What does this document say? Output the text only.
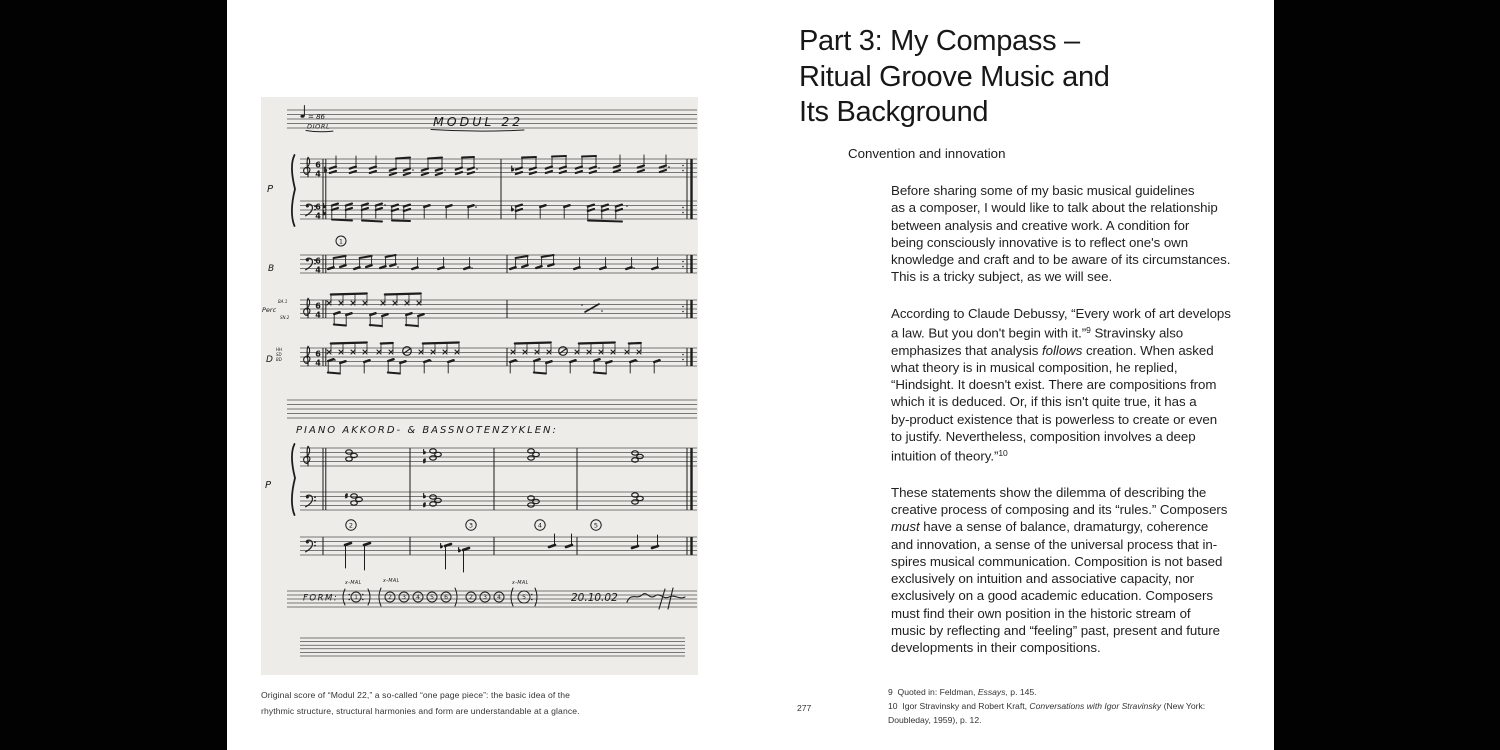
= 86
DIORL	MODUL 22
P
6
4
6
4
♭	♭
♭
♭
♭
1
B
6
4
Perc
BA.1
SN.2
6
4
D
HH
SD
BD
6
4
PIANO AKKORD- & BASSNOTENZYKLEN:
P
♭
♯
♯	♭
♯
2	3	4	5
♭
♭
FORM:
x-MAL	x-MAL	x-MAL
1	2 3 4 5 6	2 3 4	5	20.10.02
Original score of “Modul 22,” a so-called “one page piece”: the basic idea of the
rhythmic structure, structural harmonies and form are understandable at a glance.
Part 3: My Compass –
Ritual Groove Music and
Its Background
Convention and innovation
Before sharing some of my basic musical guidelines
as a composer, I would like to talk about the relationship
between analysis and creative work. A condition for
being consciously innovative is to reflect one's own
knowledge and craft and to be aware of its circumstances.
This is a tricky subject, as we will see.
According to Claude Debussy, “Every work of art develops
a law. But you don't begin with it.”$^9$ Stravinsky also
emphasizes that analysis follows creation. When asked
what theory is in musical composition, he replied,
“Hindsight. It doesn't exist. There are compositions from
which it is deduced. Or, if this isn't quite true, it has a
by-product existence that is powerless to create or even
to justify. Nevertheless, composition involves a deep
intuition of theory.”$^{10}$
These statements show the dilemma of describing the
creative process of composing and its “rules.” Composers
must have a sense of balance, dramaturgy, coherence
and innovation, a sense of the universal process that in-
spires musical communication. Composition is not based
exclusively on intuition and associative capacity, nor
exclusively on a good academic education. Composers
must find their own position in the historic stream of
music by reflecting and “feeling” past, present and future
developments in their compositions.
277
9  Quoted in: Feldman, Essays, p. 145.
10  Igor Stravinsky and Robert Kraft, Conversations with Igor Stravinsky (New York:
Doubleday, 1959), p. 12.
